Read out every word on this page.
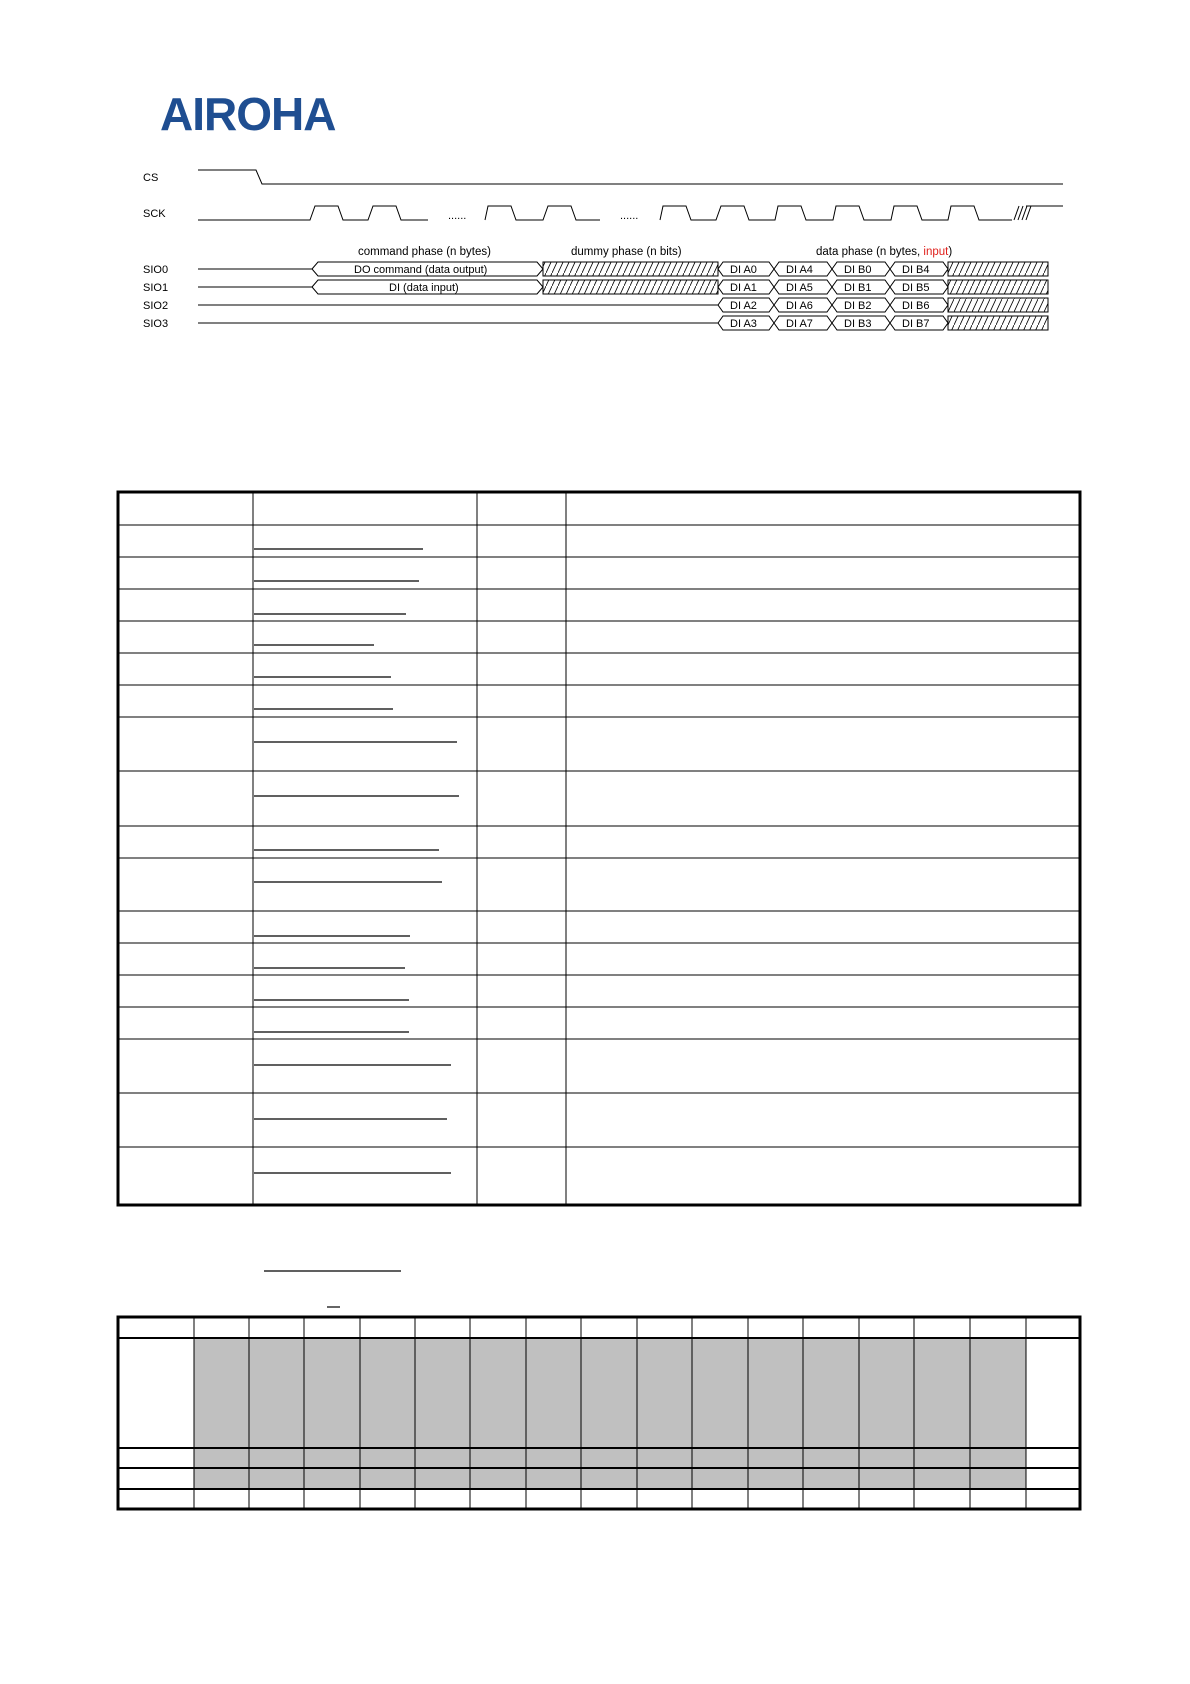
AIROHA
CS
SCK
SIO0
SIO1
SIO2
SIO3
......	......
command phase (n bytes)	dummy phase (n bits)	data phase (n bytes, input)
DO command (data output)
DI (data input)
DI A0	DI A4	DI B0	DI B4
DI A1	DI A5	DI B1	DI B5
DI A2	DI A6	DI B2	DI B6
DI A3	DI A7	DI B3	DI B7
